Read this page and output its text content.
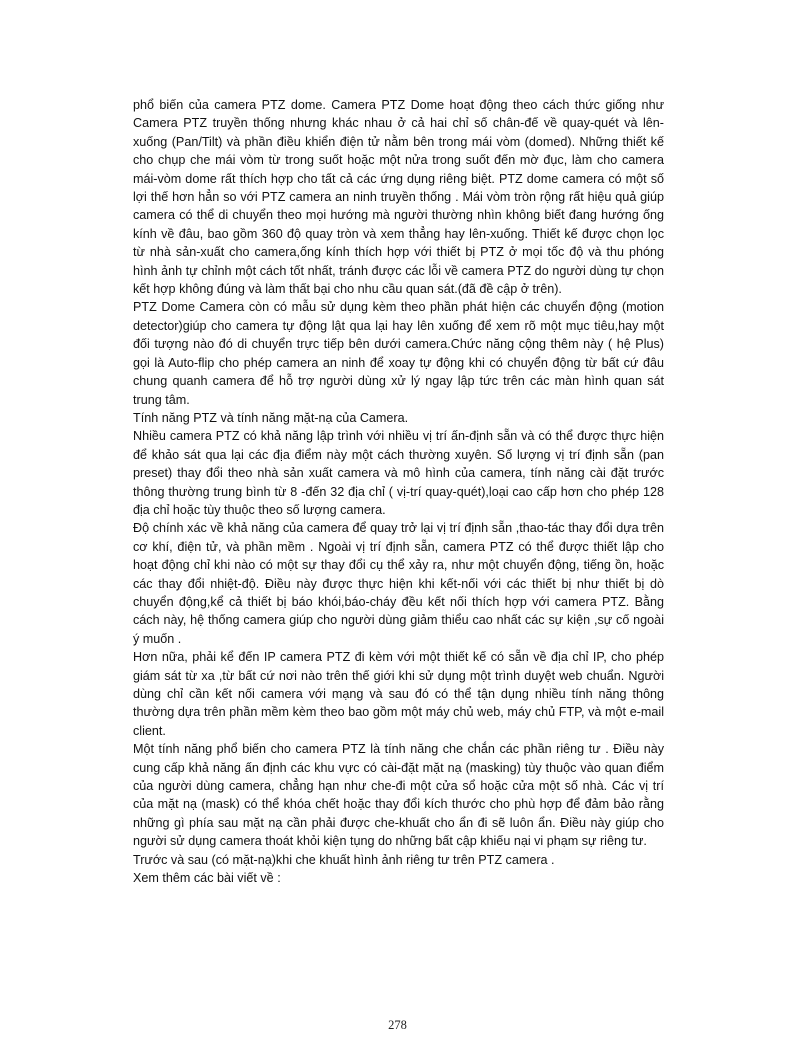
phổ biến của camera PTZ dome. Camera PTZ Dome hoạt động theo cách thức giống như Camera PTZ truyền thống nhưng khác nhau ở cả hai chỉ số chân-đế về quay-quét và lên-xuống (Pan/Tilt) và phần điều khiển điện tử nằm bên trong mái vòm (domed). Những thiết kế cho chụp che mái vòm từ trong suốt hoặc một nửa trong suốt đến mờ đục, làm cho camera mái-vòm dome rất thích hợp cho tất cả các ứng dụng riêng biệt. PTZ dome camera có một số lợi thế hơn hẳn so với PTZ camera an ninh truyền thống . Mái vòm tròn rộng rất hiệu quả giúp camera có thể di chuyển theo mọi hướng mà người thường nhìn không biết đang hướng ống kính về đâu, bao gồm 360 độ quay tròn và xem thẳng hay lên-xuống. Thiết kế được chọn lọc từ nhà sản-xuất cho camera,ống kính thích hợp với thiết bị PTZ ở mọi tốc độ và thu phóng hình ảnh tự chỉnh một cách tốt nhất, tránh được các lỗi về camera PTZ do người dùng tự chọn kết hợp không đúng và làm thất bại cho nhu cầu quan sát.(đã đề cập ở trên).

PTZ Dome Camera còn có mẫu sử dụng kèm theo phần phát hiện các chuyển động (motion detector)giúp cho camera tự động lật qua lại hay lên xuống để xem rõ một mục tiêu,hay một đối tượng nào đó di chuyển trực tiếp bên dưới camera.Chức năng cộng thêm này ( hệ Plus) gọi là Auto-flip cho phép camera an ninh để xoay tự động khi có chuyển động từ bất cứ đâu chung quanh camera để hỗ trợ người dùng xử lý ngay lập tức trên các màn hình quan sát trung tâm.

Tính năng PTZ và tính năng mặt-nạ của Camera.

Nhiều camera PTZ có khả năng lập trình với nhiều vị trí ấn-định sẵn và có thể được thực hiện để khảo sát qua lại các địa điểm này một cách thường xuyên. Số lượng vị trí định sẵn (pan preset) thay đổi theo nhà sản xuất camera và mô hình của camera, tính năng cài đặt trước thông thường trung bình từ 8 -đến 32 địa chỉ ( vị-trí quay-quét),loại cao cấp hơn cho phép 128 địa chỉ hoặc tùy thuộc theo số lượng camera.

Độ chính xác về khả năng của camera để quay trở lại vị trí định sẵn ,thao-tác thay đổi dựa trên cơ khí, điện tử, và phần mềm . Ngoài vị trí định sẵn, camera PTZ có thể được thiết lập cho hoạt động chỉ khi nào có một sự thay đổi cụ thể xảy ra, như một chuyển động, tiếng ồn, hoặc các thay đổi nhiệt-độ. Điều này được thực hiện khi kết-nối với các thiết bị như thiết bị dò chuyển động,kể cả thiết bị báo khói,báo-cháy đều kết nối thích hợp với camera PTZ. Bằng cách này, hệ thống camera giúp cho người dùng giảm thiểu cao nhất các sự kiện ,sự cố ngoài ý muốn .

Hơn nữa, phải kể đến IP camera PTZ đi kèm với một thiết kế có sẵn về địa chỉ IP, cho phép giám sát từ xa ,từ bất cứ nơi nào trên thế giới khi sử dụng một trình duyệt web chuẩn. Người dùng chỉ cần kết nối camera với mạng và sau đó có thể tận dụng nhiều tính năng thông thường dựa trên phần mềm kèm theo bao gồm một máy chủ web, máy chủ FTP, và một e-mail client.

Một tính năng phổ biến cho camera PTZ là tính năng che chắn các phần riêng tư . Điều này cung cấp khả năng ấn định các khu vực có cài-đặt mặt nạ (masking) tùy thuộc vào quan điểm của người dùng camera, chẳng hạn như che-đi một cửa sổ hoặc cửa một số nhà. Các vị trí của mặt nạ (mask) có thể khóa chết hoặc thay đổi kích thước cho phù hợp để đảm bảo rằng những gì phía sau mặt nạ cần phải được che-khuất cho ẩn đi sẽ luôn ẩn. Điều này giúp cho người sử dụng camera thoát khỏi kiện tụng do những bất cập khiếu nại vi phạm sự riêng tư.

Trước và sau (có mặt-nạ)khi che khuất hình ảnh riêng tư trên PTZ camera .

Xem thêm các bài viết về :

278
